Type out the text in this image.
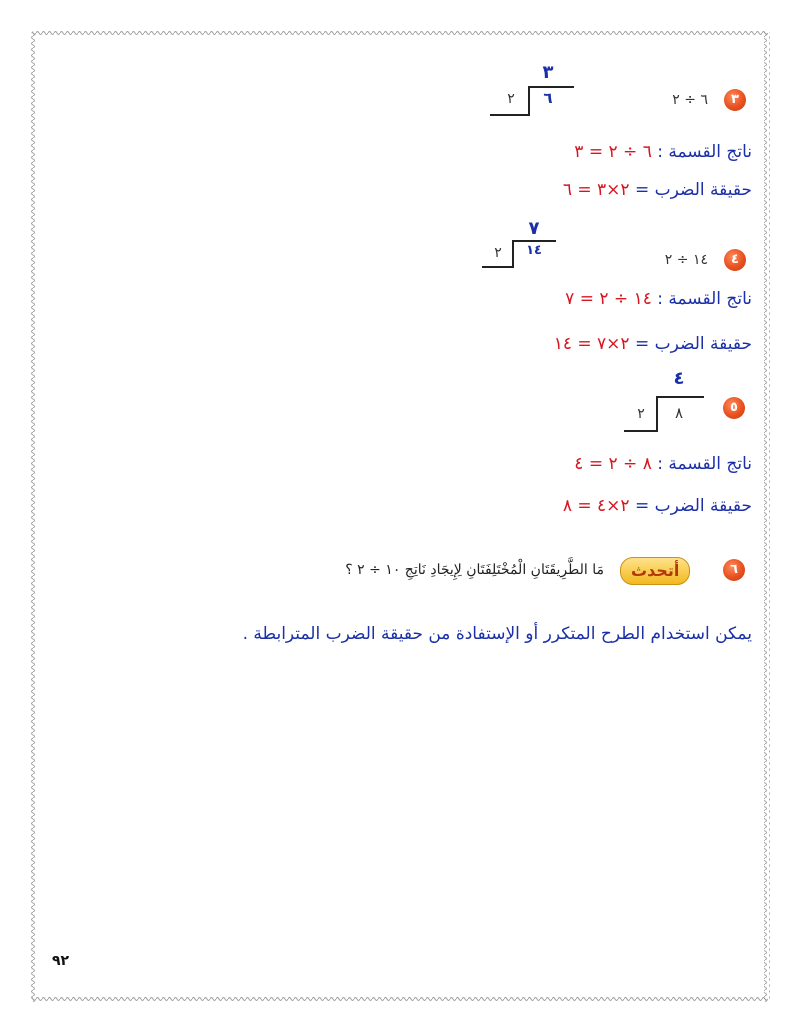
٣
٦ ÷ ٢
٣
٦
٢
ناتج القسمة : ٦ ÷ ٢ = ٣
حقيقة الضرب = ٢×٣ = ٦
٤
١٤ ÷ ٢
٧
١٤
٢
ناتج القسمة : ١٤ ÷ ٢ = ٧
حقيقة الضرب = ٢×٧ = ١٤
٥
٤
٨
٢
ناتج القسمة : ٨ ÷ ٢ = ٤
حقيقة الضرب = ٢×٤ = ٨
٦
أتحدث
مَا الطَّرِيقَتَانِ الْمُخْتَلِفَتَانِ لِإِيجَادِ نَاتِجِ ١٠ ÷ ٢ ؟
يمكن استخدام الطرح المتكرر أو الإستفادة من حقيقة الضرب المترابطة .
٩٢
